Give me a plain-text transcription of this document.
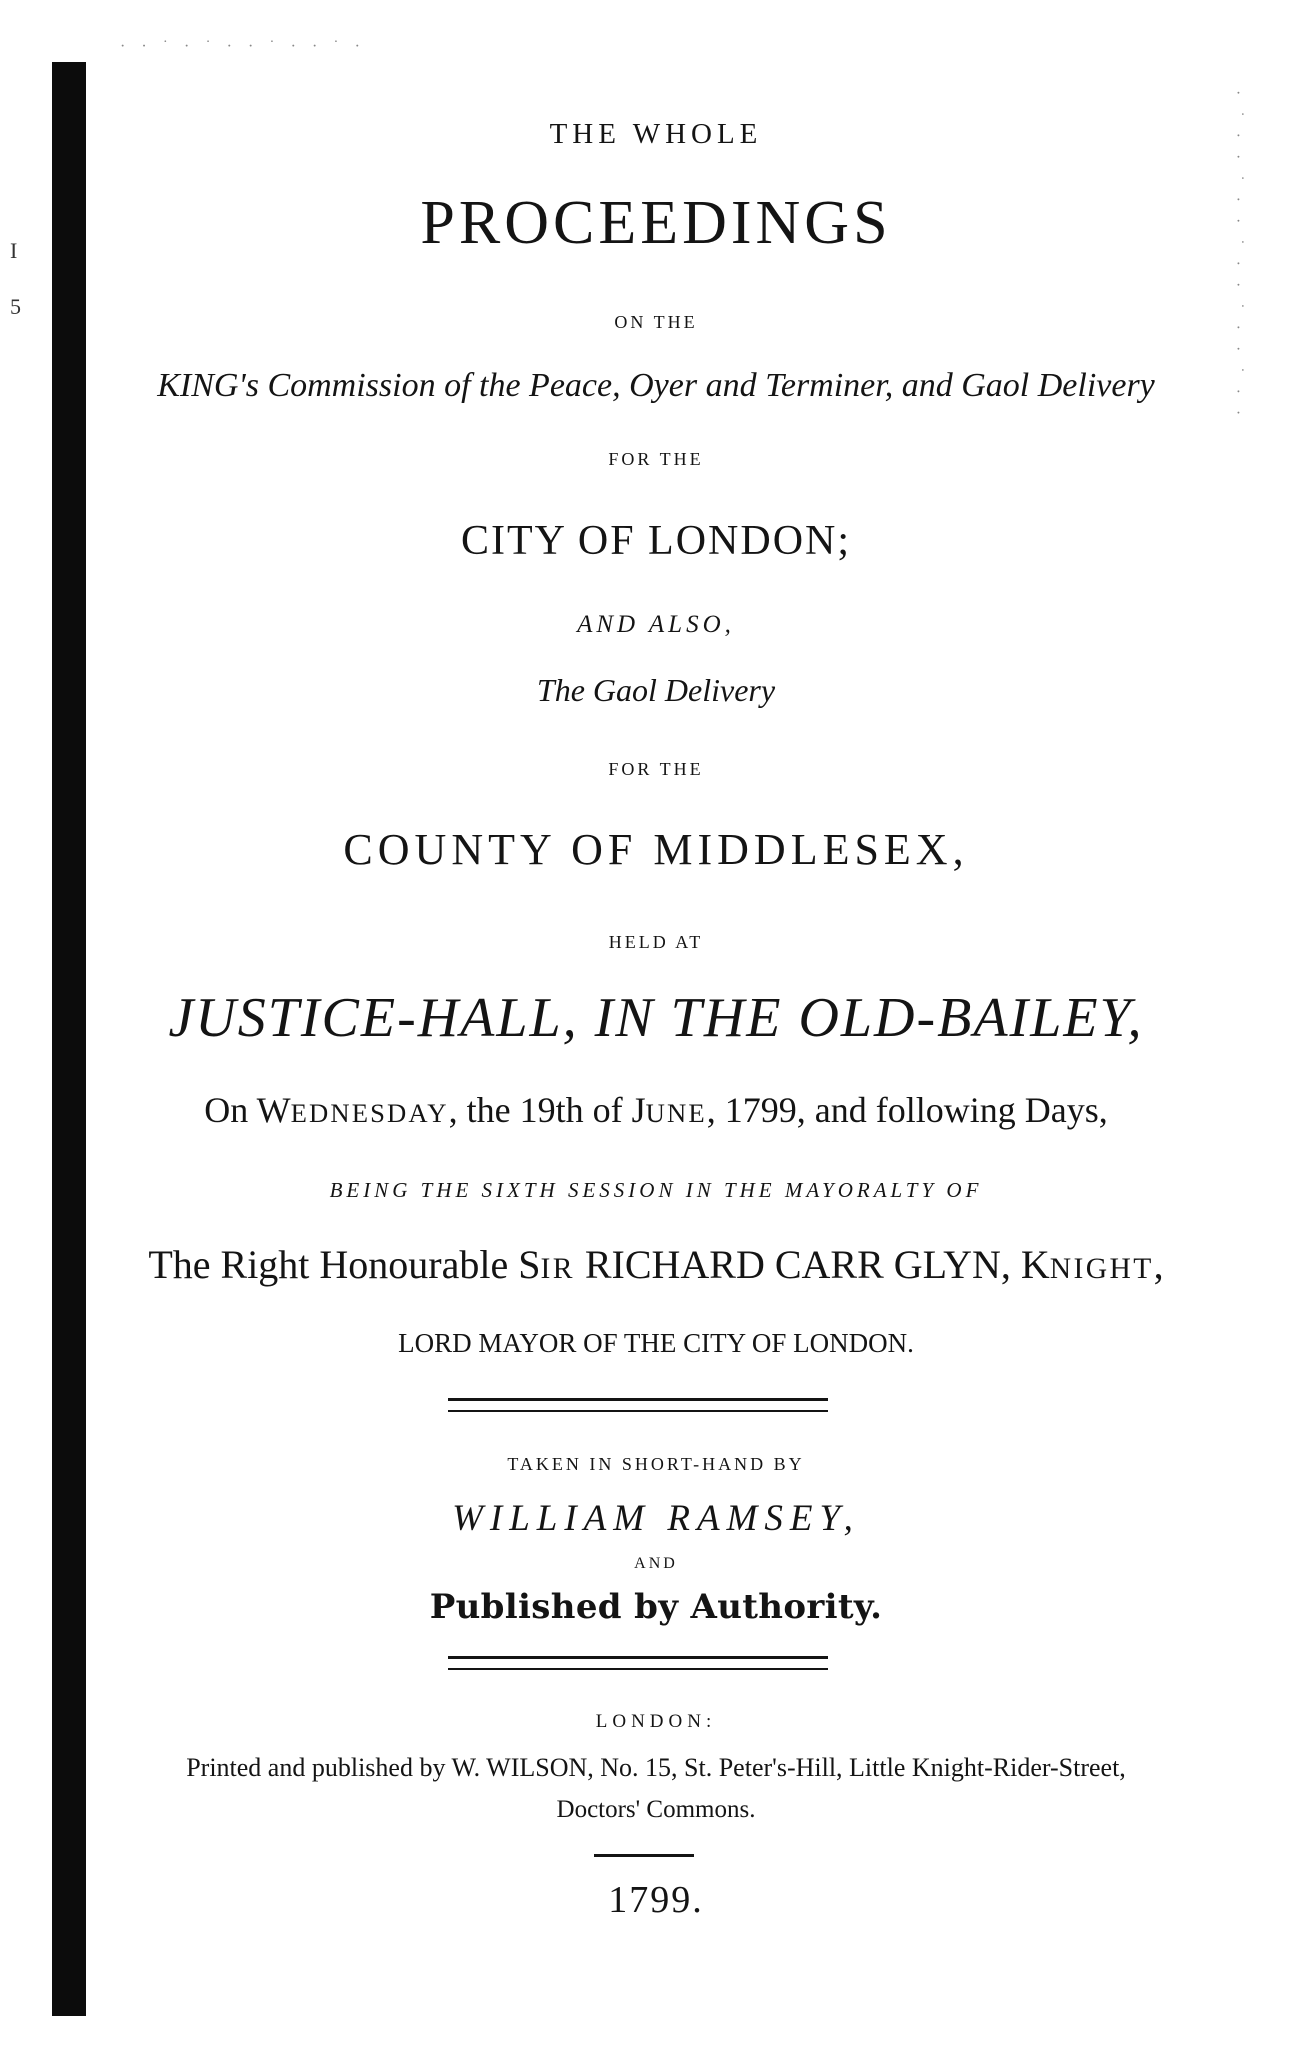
I
5
· · ˙ · ˙ · · ˙ · · ˙ ·
· ˙ · · ˙ · · ˙ · · ˙ · · ˙ · ·
THE WHOLE
PROCEEDINGS
ON THE
KING's Commission of the Peace, Oyer and Terminer, and Gaol Delivery
FOR THE
CITY OF LONDON;
AND ALSO,
The Gaol Delivery
FOR THE
COUNTY OF MIDDLESEX,
HELD AT
JUSTICE-HALL, IN THE OLD-BAILEY,
On WEDNESDAY, the 19th of JUNE, 1799, and following Days,
BEING THE SIXTH SESSION IN THE MAYORALTY OF
The Right Honourable SIR RICHARD CARR GLYN, KNIGHT,
LORD MAYOR OF THE CITY OF LONDON.
TAKEN IN SHORT-HAND BY
WILLIAM RAMSEY,
AND
Published by Authority.
LONDON:
Printed and published by W. WILSON, No. 15, St. Peter's-Hill, Little Knight-Rider-Street,
Doctors' Commons.
1799.
